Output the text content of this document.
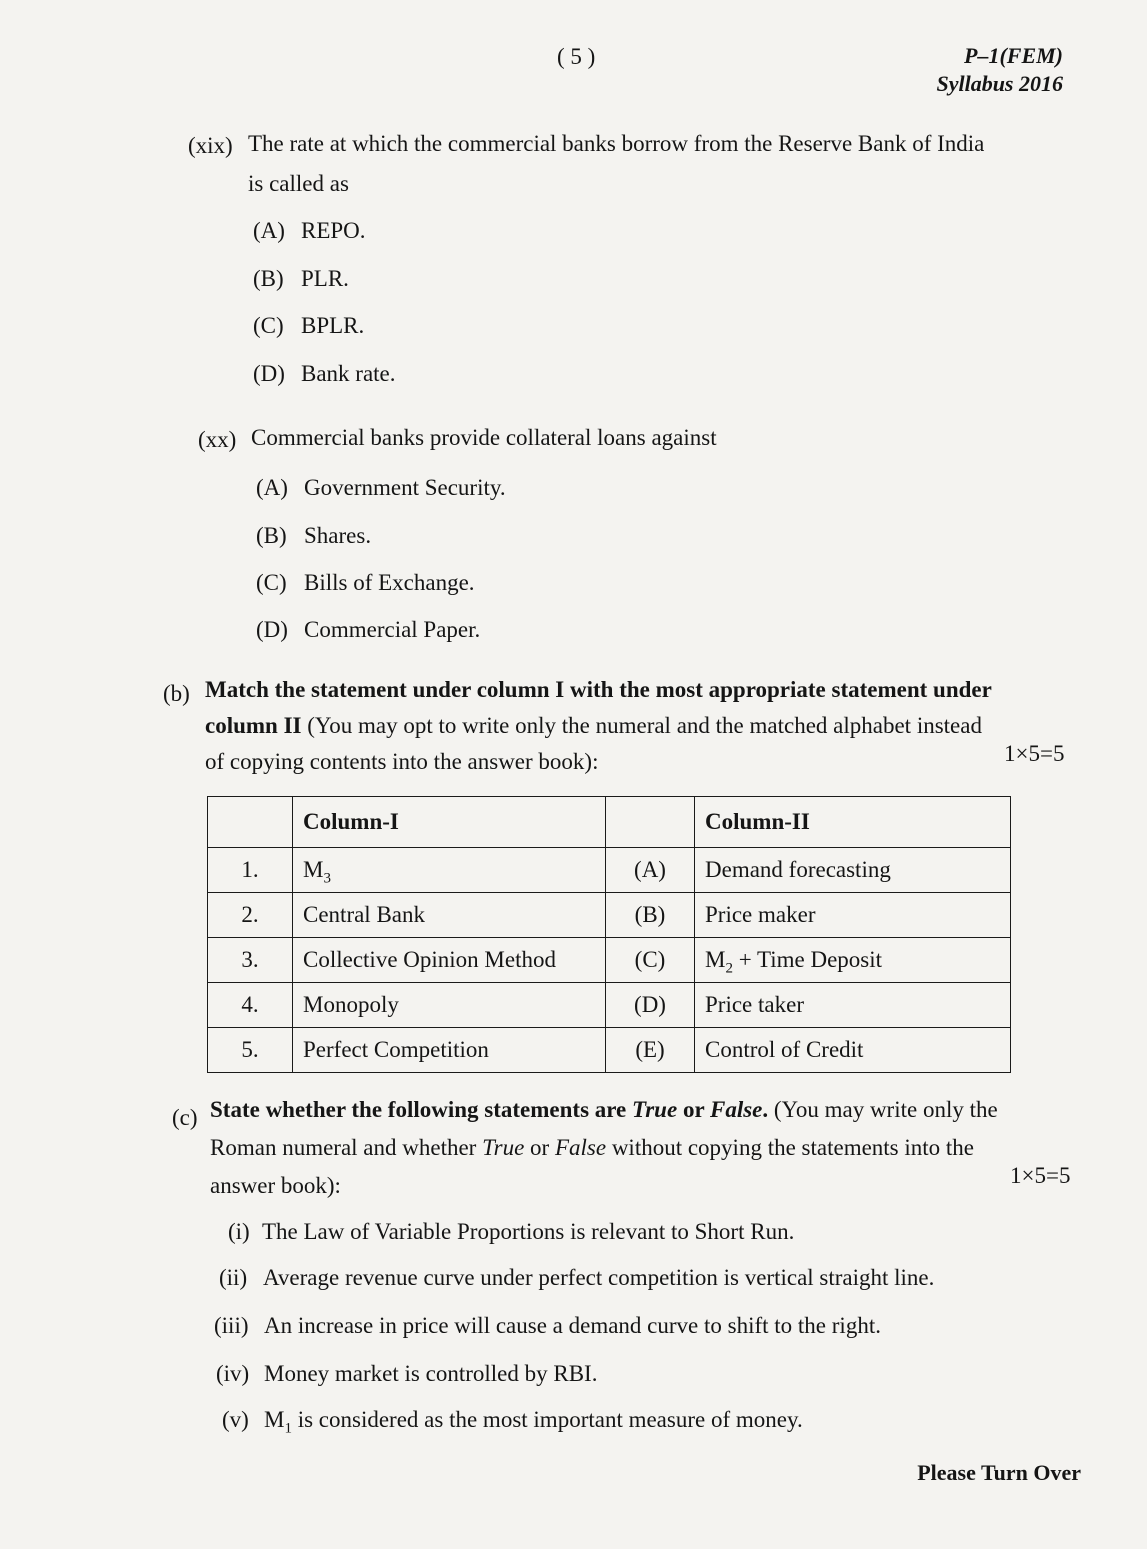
( 5 )	P–1(FEM)
Syllabus 2016
(xix) The rate at which the commercial banks borrow from the Reserve Bank of India
is called as
(A) REPO.
(B) PLR.
(C) BPLR.
(D) Bank rate.
(xx) Commercial banks provide collateral loans against
(A) Government Security.
(B) Shares.
(C) Bills of Exchange.
(D) Commercial Paper.
(b) Match the statement under column I with the most appropriate statement under
column II (You may opt to write only the numeral and the matched alphabet instead
of copying contents into the answer book):	1×5=5
	Column-I		Column-II
1.	$M_3$	(A)	Demand forecasting
2.	Central Bank	(B)	Price maker
3.	Collective Opinion Method	(C)	$M_2$ + Time Deposit
4.	Monopoly	(D)	Price taker
5.	Perfect Competition	(E)	Control of Credit
(c) State whether the following statements are True or False. (You may write only the
Roman numeral and whether True or False without copying the statements into the
answer book):	1×5=5
(i) The Law of Variable Proportions is relevant to Short Run.
(ii) Average revenue curve under perfect competition is vertical straight line.
(iii) An increase in price will cause a demand curve to shift to the right.
(iv) Money market is controlled by RBI.
(v) $M_1$ is considered as the most important measure of money.
Please Turn Over
